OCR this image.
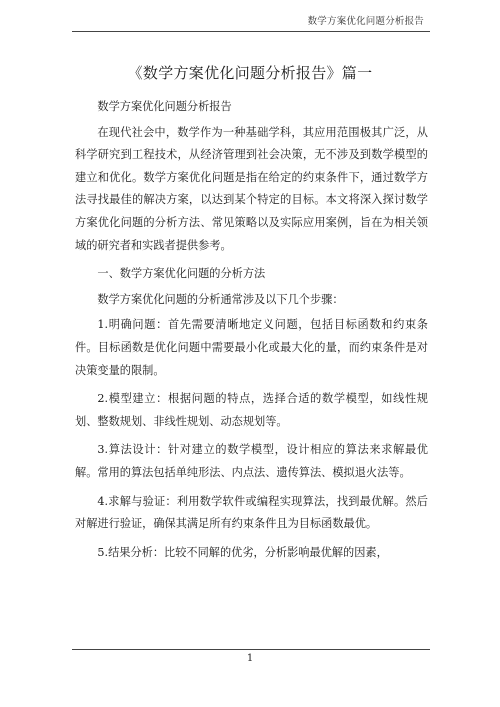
数学方案优化问题分析报告
《数学方案优化问题分析报告》篇一

数学方案优化问题分析报告

在现代社会中，数学作为一种基础学科，其应用范围极其广泛，从科学研究到工程技术，从经济管理到社会决策，无不涉及到数学模型的建立和优化。数学方案优化问题是指在给定的约束条件下，通过数学方法寻找最佳的解决方案，以达到某个特定的目标。本文将深入探讨数学方案优化问题的分析方法、常见策略以及实际应用案例，旨在为相关领域的研究者和实践者提供参考。

一、数学方案优化问题的分析方法

数学方案优化问题的分析通常涉及以下几个步骤：

1.明确问题：首先需要清晰地定义问题，包括目标函数和约束条件。目标函数是优化问题中需要最小化或最大化的量，而约束条件是对决策变量的限制。

2.模型建立：根据问题的特点，选择合适的数学模型，如线性规划、整数规划、非线性规划、动态规划等。

3.算法设计：针对建立的数学模型，设计相应的算法来求解最优解。常用的算法包括单纯形法、内点法、遗传算法、模拟退火法等。

4.求解与验证：利用数学软件或编程实现算法，找到最优解。然后对解进行验证，确保其满足所有约束条件且为目标函数最优。

5.结果分析：比较不同解的优劣，分析影响最优解的因素，

1
